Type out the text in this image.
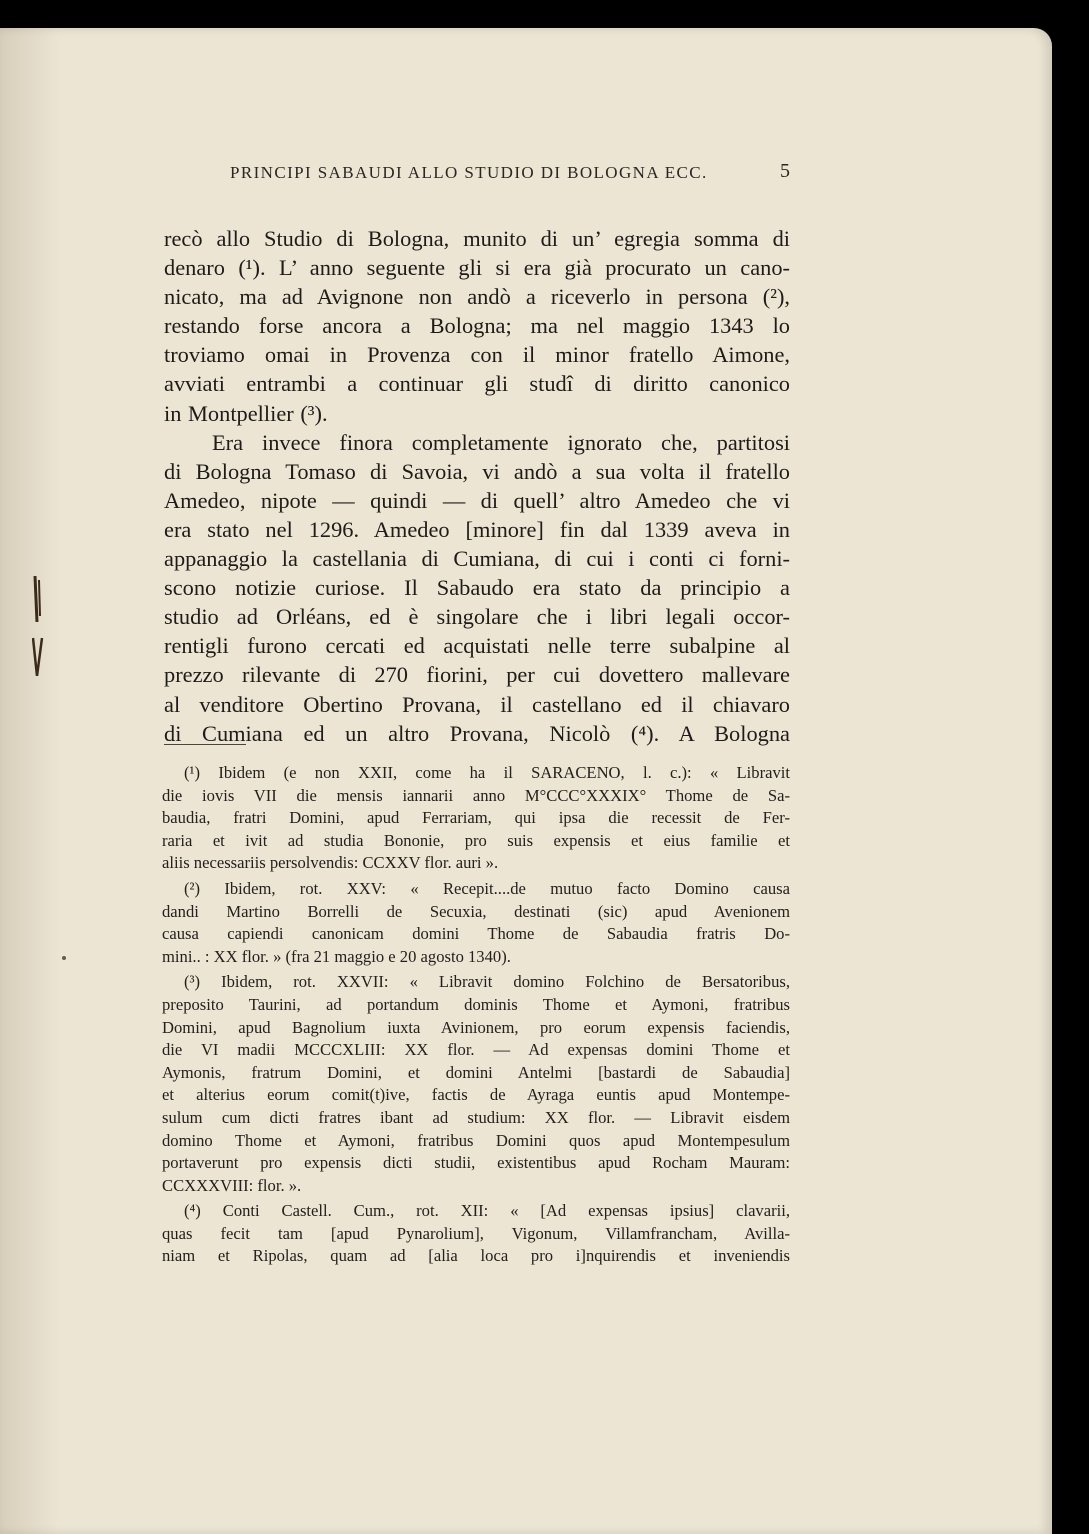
PRINCIPI SABAUDI ALLO STUDIO DI BOLOGNA ECC.	5
recò allo Studio di Bologna, munito di un’ egregia somma di
denaro (¹). L’ anno seguente gli si era già procurato un cano-
nicato, ma ad Avignone non andò a riceverlo in persona (²),
restando forse ancora a Bologna; ma nel maggio 1343 lo
troviamo omai in Provenza con il minor fratello Aimone,
avviati entrambi a continuar gli studî di diritto canonico
in Montpellier (³).
Era invece finora completamente ignorato che, partitosi
di Bologna Tomaso di Savoia, vi andò a sua volta il fratello
Amedeo, nipote — quindi — di quell’ altro Amedeo che vi
era stato nel 1296. Amedeo [minore] fin dal 1339 aveva in
appanaggio la castellania di Cumiana, di cui i conti ci forni-
scono notizie curiose. Il Sabaudo era stato da principio a
studio ad Orléans, ed è singolare che i libri legali occor-
rentigli furono cercati ed acquistati nelle terre subalpine al
prezzo rilevante di 270 fiorini, per cui dovettero mallevare
al venditore Obertino Provana, il castellano ed il chiavaro
di Cumiana ed un altro Provana, Nicolò (⁴). A Bologna
(¹) Ibidem (e non XXII, come ha il SARACENO, l. c.): « Libravit
die iovis VII die mensis iannarii anno M°CCC°XXXIX° Thome de Sa-
baudia, fratri Domini, apud Ferrariam, qui ipsa die recessit de Fer-
raria et ivit ad studia Bononie, pro suis expensis et eius familie et
aliis necessariis persolvendis: CCXXV flor. auri ».
(²) Ibidem, rot. XXV: « Recepit....de mutuo facto Domino causa
dandi Martino Borrelli de Secuxia, destinati (sic) apud Avenionem
causa capiendi canonicam domini Thome de Sabaudia fratris Do-
mini.. : XX flor. » (fra 21 maggio e 20 agosto 1340).
(³) Ibidem, rot. XXVII: « Libravit domino Folchino de Bersatoribus,
preposito Taurini, ad portandum dominis Thome et Aymoni, fratribus
Domini, apud Bagnolium iuxta Avinionem, pro eorum expensis faciendis,
die VI madii MCCCXLIII: XX flor. — Ad expensas domini Thome et
Aymonis, fratrum Domini, et domini Antelmi [bastardi de Sabaudia]
et alterius eorum comit(t)ive, factis de Ayraga euntis apud Montempe-
sulum cum dicti fratres ibant ad studium: XX flor. — Libravit eisdem
domino Thome et Aymoni, fratribus Domini quos apud Montempesulum
portaverunt pro expensis dicti studii, existentibus apud Rocham Mauram:
CCXXXVIII: flor. ».
(⁴) Conti Castell. Cum., rot. XII: « [Ad expensas ipsius] clavarii,
quas fecit tam [apud Pynarolium], Vigonum, Villamfrancham, Avilla-
niam et Ripolas, quam ad [alia loca pro i]nquirendis et inveniendis
